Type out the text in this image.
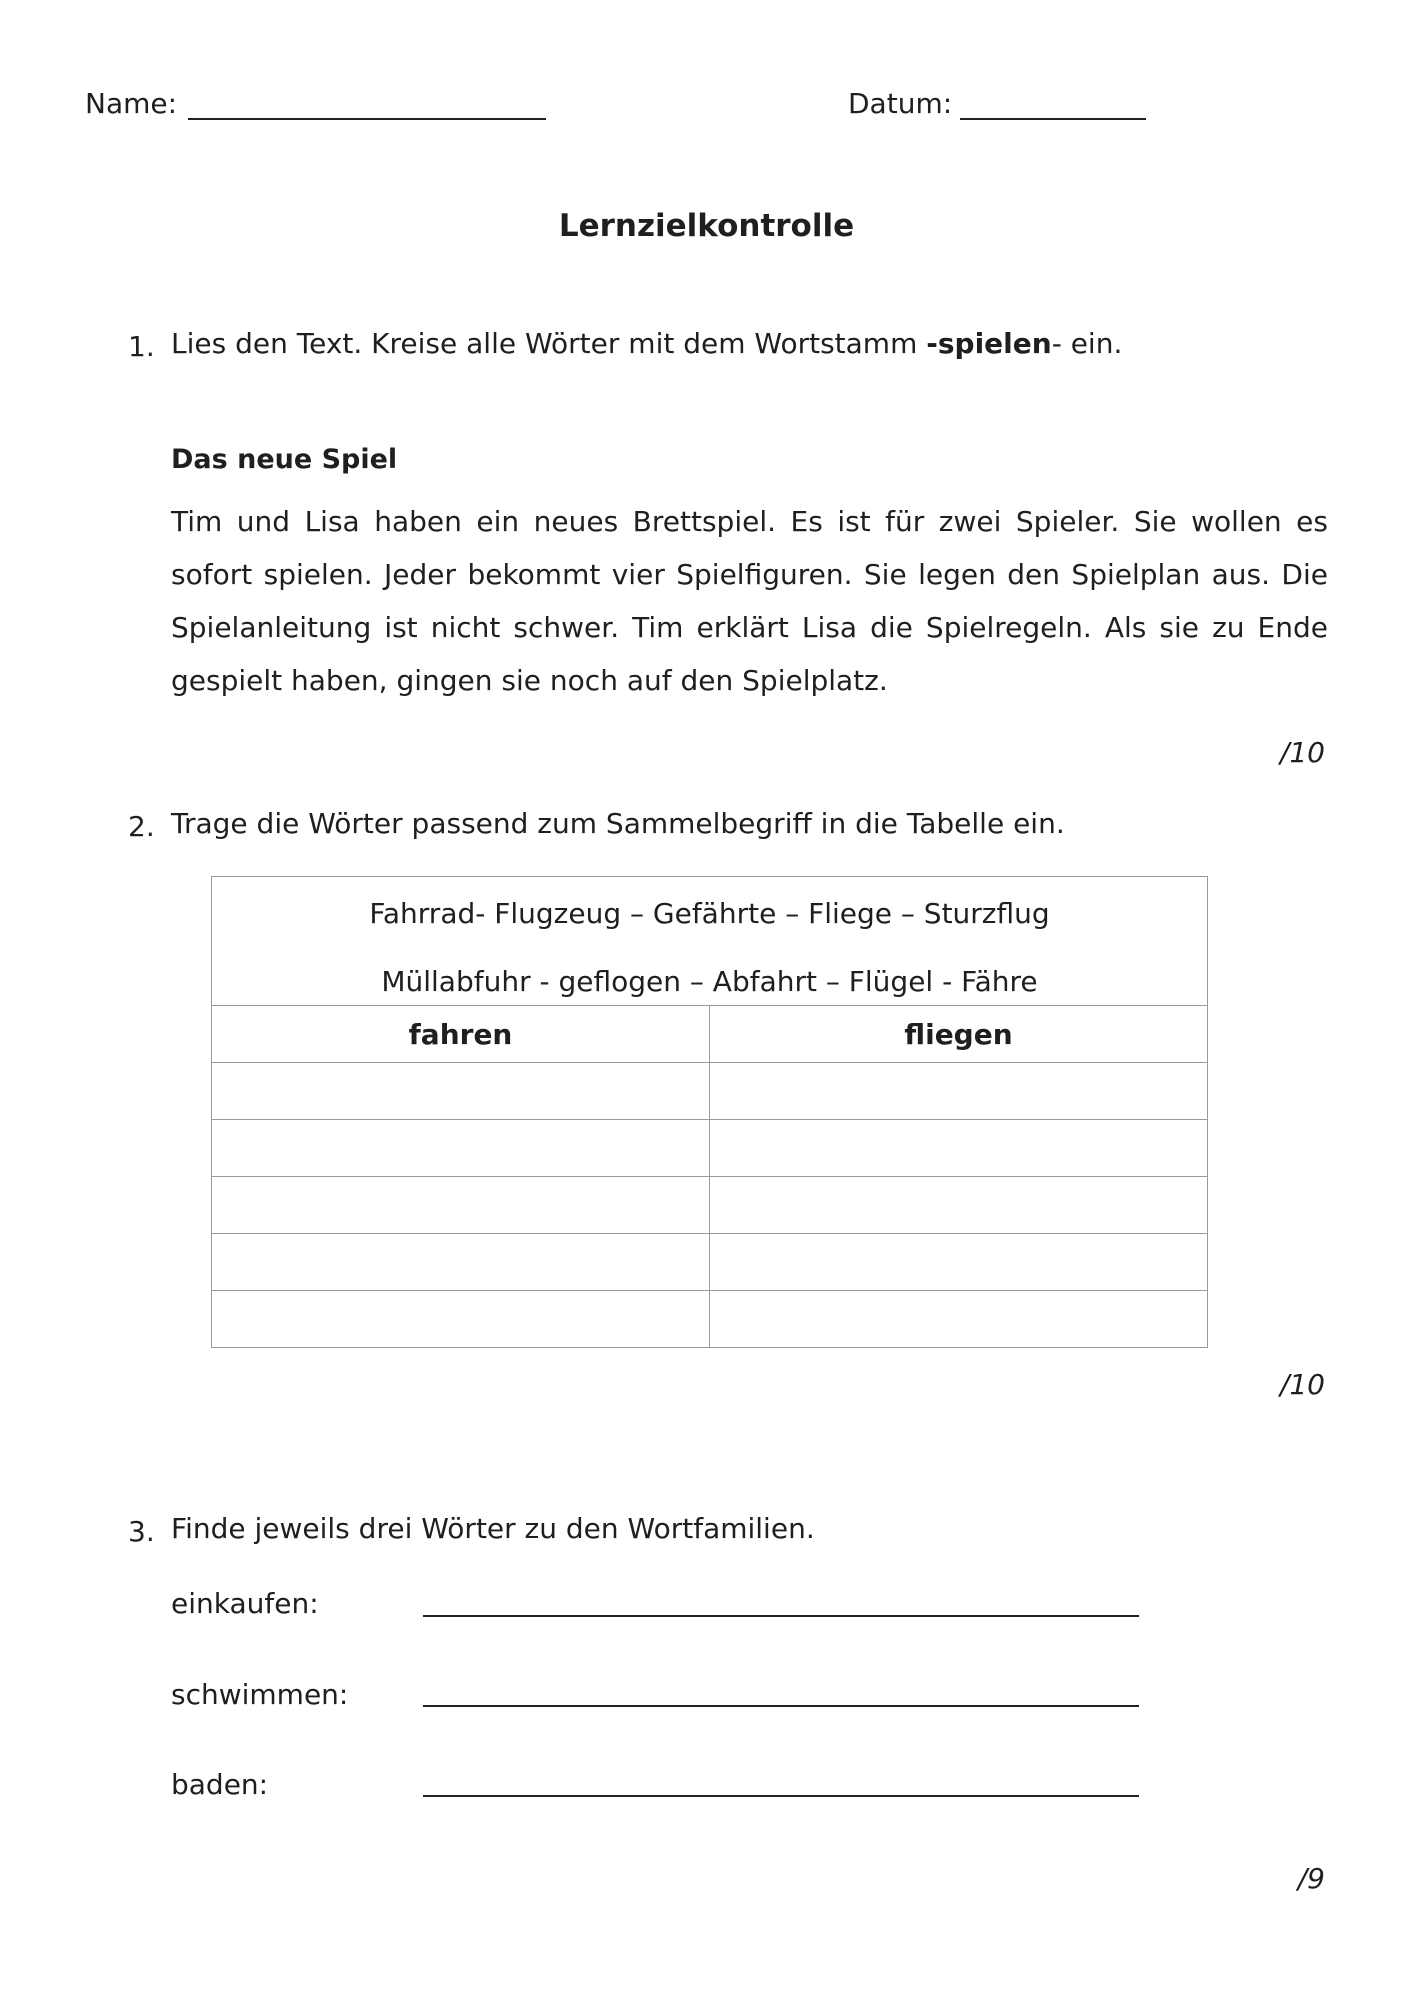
Name:	Datum:
Lernzielkontrolle
1. Lies den Text. Kreise alle Wörter mit dem Wortstamm -spielen- ein.
Das neue Spiel
Tim und Lisa haben ein neues Brettspiel. Es ist für zwei Spieler. Sie wollen es sofort spielen. Jeder bekommt vier Spielfiguren. Sie legen den Spielplan aus. Die Spielanleitung ist nicht schwer. Tim erklärt Lisa die Spielregeln. Als sie zu Ende gespielt haben, gingen sie noch auf den Spielplatz.
/10
2. Trage die Wörter passend zum Sammelbegriff in die Tabelle ein.
Fahrrad- Flugzeug – Gefährte – Fliege – Sturzflug
Müllabfuhr - geflogen – Abfahrt – Flügel - Fähre	

fahren	fliegen

/10
3. Finde jeweils drei Wörter zu den Wortfamilien.
einkaufen:
schwimmen:
baden:
/9
